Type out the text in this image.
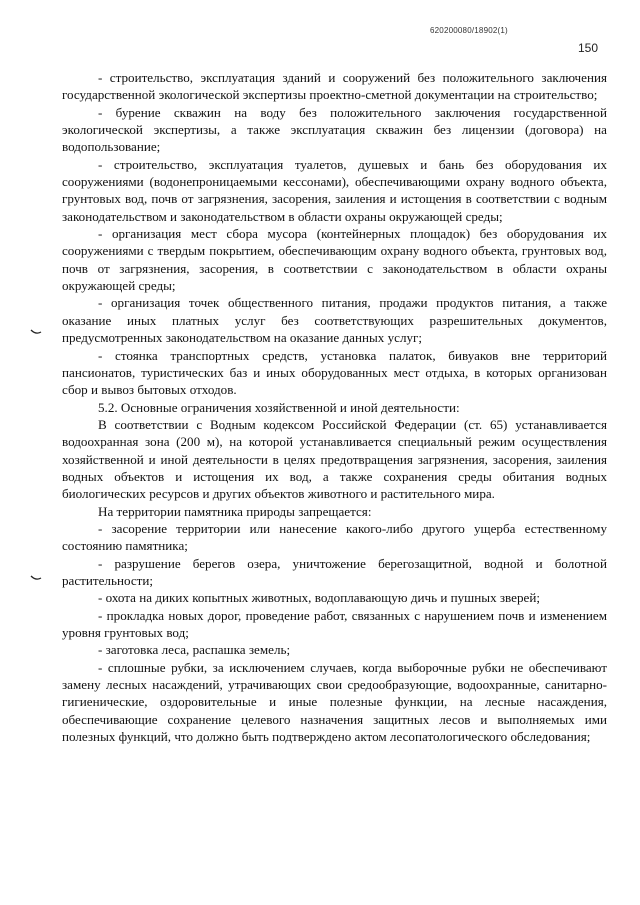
620200080/18902(1)
150

- строительство, эксплуатация зданий и сооружений без положительного заключения государственной экологической экспертизы проектно-сметной документации на строительство;

- бурение скважин на воду без положительного заключения государственной экологической экспертизы, а также эксплуатация скважин без лицензии (договора) на водопользование;

- строительство, эксплуатация туалетов, душевых и бань без оборудования их сооружениями (водонепроницаемыми кессонами), обеспечивающими охрану водного объекта, грунтовых вод, почв от загрязнения, засорения, заиления и истощения в соответствии с водным законодательством и законодательством в области охраны окружающей среды;

- организация мест сбора мусора (контейнерных площадок) без оборудования их сооружениями с твердым покрытием, обеспечивающим охрану водного объекта, грунтовых вод, почв от загрязнения, засорения, в соответствии с законодательством в области охраны окружающей среды;

- организация точек общественного питания, продажи продуктов питания, а также оказание иных платных услуг без соответствующих разрешительных документов, предусмотренных законодательством на оказание данных услуг;

- стоянка транспортных средств, установка палаток, бивуаков вне территорий пансионатов, туристических баз и иных оборудованных мест отдыха, в которых организован сбор и вывоз бытовых отходов.

5.2. Основные ограничения хозяйственной и иной деятельности:

В соответствии с Водным кодексом Российской Федерации (ст. 65) устанавливается водоохранная зона (200 м), на которой устанавливается специальный режим осуществления хозяйственной и иной деятельности в целях предотвращения загрязнения, засорения, заиления водных объектов и истощения их вод, а также сохранения среды обитания водных биологических ресурсов и других объектов животного и растительного мира.

На территории памятника природы запрещается:

- засорение территории или нанесение какого-либо другого ущерба естественному состоянию памятника;

- разрушение берегов озера, уничтожение берегозащитной, водной и болотной растительности;

- охота на диких копытных животных, водоплавающую дичь и пушных зверей;

- прокладка новых дорог, проведение работ, связанных с нарушением почв и изменением уровня грунтовых вод;

- заготовка леса, распашка земель;

- сплошные рубки, за исключением случаев, когда выборочные рубки не обеспечивают замену лесных насаждений, утрачивающих свои средообразующие, водоохранные, санитарно-гигиенические, оздоровительные и иные полезные функции, на лесные насаждения, обеспечивающие сохранение целевого назначения защитных лесов и выполняемых ими полезных функций, что должно быть подтверждено актом лесопатологического обследования;
